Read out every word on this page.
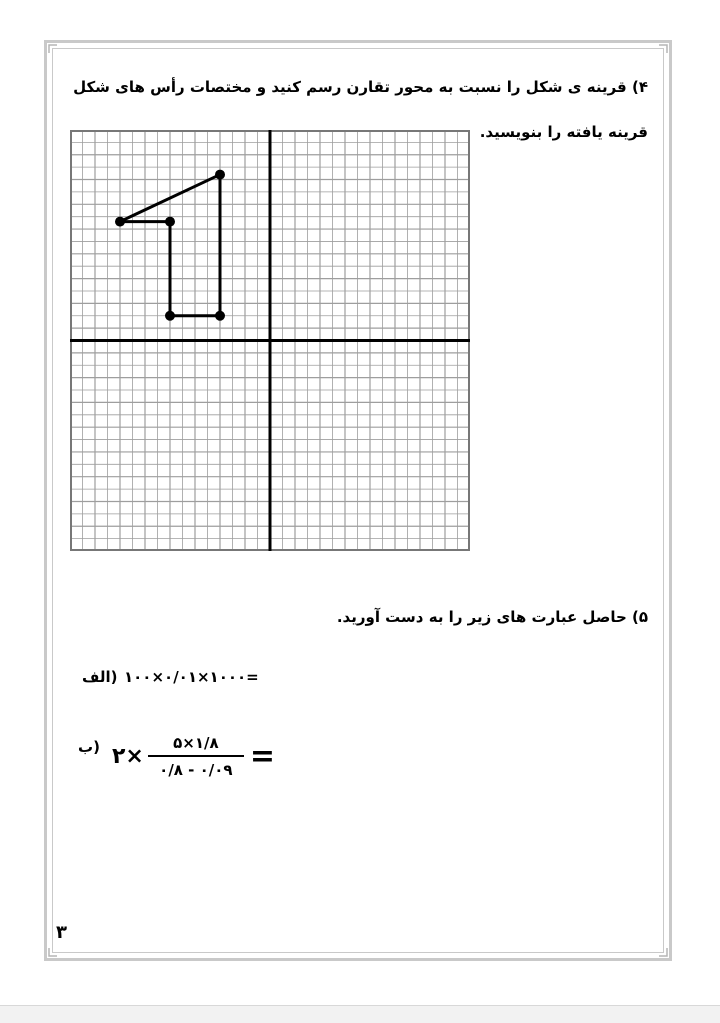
۴) قرینه ی شکل را نسبت به محور تقارن رسم کنید و مختصات رأس های شکل
قرینه یافته را بنویسید.
۵) حاصل عبارت های زیر را به دست آورید.
(الف ۱۰۰×۰/۰۱×۱۰۰۰=
(ب ۲× $\frac{۵\times ۱/۸}{۰/۸ - ۰/۰۹}$ =
۳
